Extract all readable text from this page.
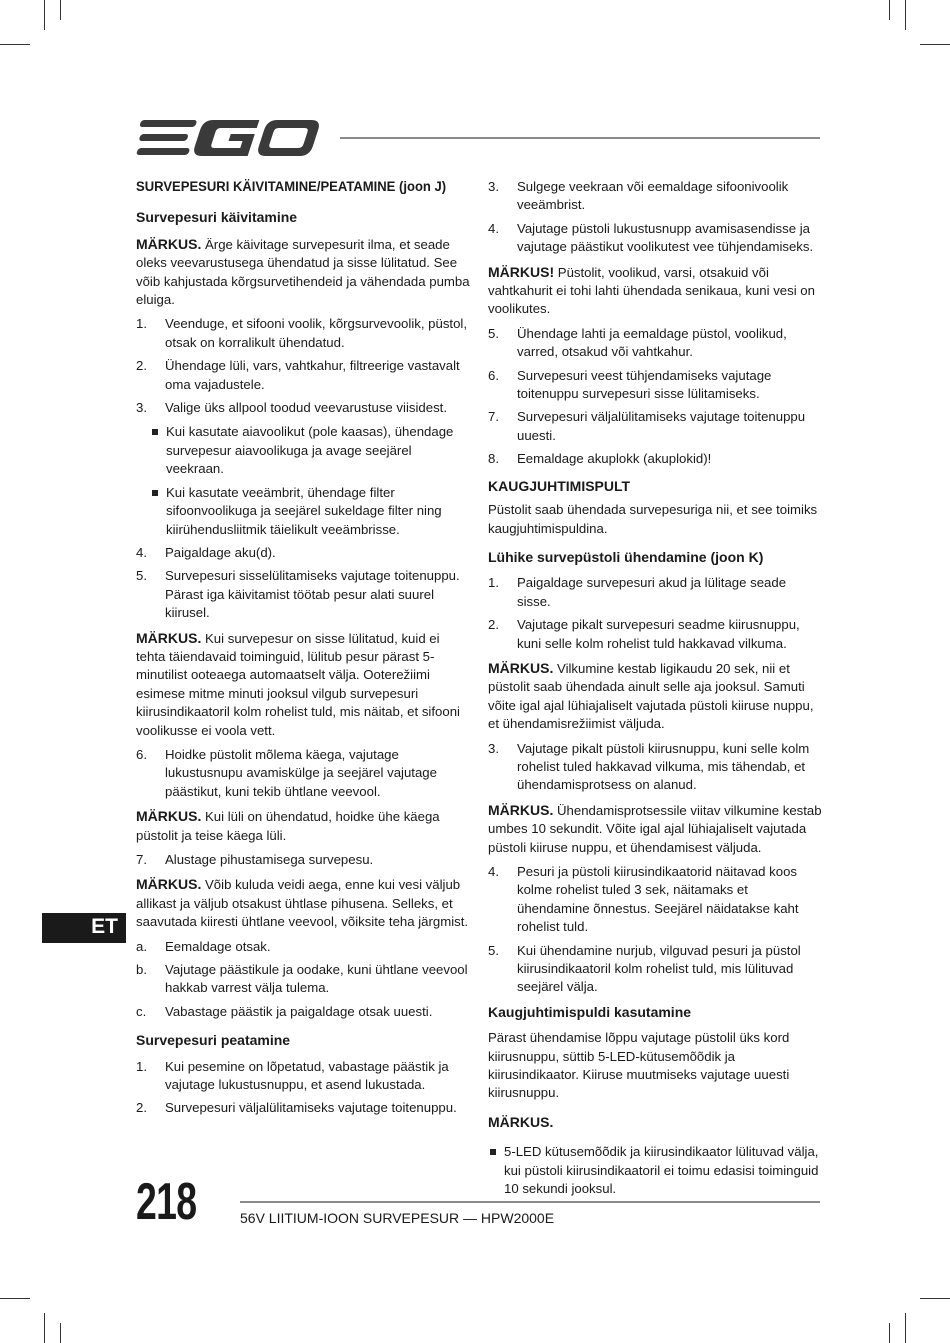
SURVEPESURI KÄIVITAMINE/PEATAMINE (joon J)
Survepesuri käivitamine

MÄRKUS. Ärge käivitage survepesurit ilma, et seade oleks veevarustusega ühendatud ja sisse lülitatud. See võib kahjustada kõrgsurvetihendeid ja vähendada pumba eluiga.

1. Veenduge, et sifooni voolik, kõrgsurvevoolik, püstol, otsak on korralikult ühendatud.
2. Ühendage lüli, vars, vahtkahur, filtreerige vastavalt oma vajadustele.
3. Valige üks allpool toodud veevarustuse viisidest.
Kui kasutate aiavoolikut (pole kaasas), ühendage survepesur aiavoolikuga ja avage seejärel veekraan.
Kui kasutate veeämbrit, ühendage filter sifoonvoolikuga ja seejärel sukeldage filter ning kiirühendusliitmik täielikult veeämbrisse.
4. Paigaldage aku(d).
5. Survepesuri sisselülitamiseks vajutage toitenuppu. Pärast iga käivitamist töötab pesur alati suurel kiirusel.

MÄRKUS. Kui survepesur on sisse lülitatud, kuid ei tehta täiendavaid toiminguid, lülitub pesur pärast 5-minutilist ooteaega automaatselt välja. Ooterežiimi esimese mitme minuti jooksul vilgub survepesuri kiirusindikaatoril kolm rohelist tuld, mis näitab, et sifooni voolikusse ei voola vett.

6. Hoidke püstolit mõlema käega, vajutage lukustusnupu avamiskülge ja seejärel vajutage päästikut, kuni tekib ühtlane veevool.

MÄRKUS. Kui lüli on ühendatud, hoidke ühe käega püstolit ja teise käega lüli.

7. Alustage pihustamisega survepesu.

MÄRKUS. Võib kuluda veidi aega, enne kui vesi väljub allikast ja väljub otsakust ühtlase pihusena. Selleks, et saavutada kiiresti ühtlane veevool, võiksite teha järgmist.

a. Eemaldage otsak.
b. Vajutage päästikule ja oodake, kuni ühtlane veevool hakkab varrest välja tulema.
c. Vabastage päästik ja paigaldage otsak uuesti.
Survepesuri peatamine
1. Kui pesemine on lõpetatud, vabastage päästik ja vajutage lukustusnuppu, et asend lukustada.
2. Survepesuri väljalülitamiseks vajutage toitenuppu.
3. Sulgege veekraan või eemaldage sifoonivoolik veeämbrist.
4. Vajutage püstoli lukustusnupp avamisasendisse ja vajutage päästikut voolikutest vee tühjendamiseks.

MÄRKUS! Püstolit, voolikud, varsi, otsakuid või vahtkahurit ei tohi lahti ühendada senikaua, kuni vesi on voolikutes.

5. Ühendage lahti ja eemaldage püstol, voolikud, varred, otsakud või vahtkahur.
6. Survepesuri veest tühjendamiseks vajutage toitenuppu survepesuri sisse lülitamiseks.
7. Survepesuri väljalülitamiseks vajutage toitenuppu uuesti.
8. Eemaldage akuplokk (akuplokid)!
KAUGJUHTIMISPULT

Püstolit saab ühendada survepesuriga nii, et see toimiks kaugjuhtimispuldina.

Lühike survepüstoli ühendamine (joon K)
1. Paigaldage survepesuri akud ja lülitage seade sisse.
2. Vajutage pikalt survepesuri seadme kiirusnuppu, kuni selle kolm rohelist tuld hakkavad vilkuma.

MÄRKUS. Vilkumine kestab ligikaudu 20 sek, nii et püstolit saab ühendada ainult selle aja jooksul. Samuti võite igal ajal lühiajaliselt vajutada püstoli kiiruse nuppu, et ühendamisrežiimist väljuda.

3. Vajutage pikalt püstoli kiirusnuppu, kuni selle kolm rohelist tuled hakkavad vilkuma, mis tähendab, et ühendamisprotsess on alanud.

MÄRKUS. Ühendamisprotsessile viitav vilkumine kestab umbes 10 sekundit. Võite igal ajal lühiajaliselt vajutada püstoli kiiruse nuppu, et ühendamisest väljuda.

4. Pesuri ja püstoli kiirusindikaatorid näitavad koos kolme rohelist tuled 3 sek, näitamaks et ühendamine õnnestus. Seejärel näidatakse kaht rohelist tuld.
5. Kui ühendamine nurjub, vilguvad pesuri ja püstol kiirusindikaatoril kolm rohelist tuld, mis lülituvad seejärel välja.
Kaugjuhtimispuldi kasutamine

Pärast ühendamise lõppu vajutage püstolil üks kord kiirusnuppu, süttib 5-LED-kütusemõõdik ja kiirusindikaator. Kiiruse muutmiseks vajutage uuesti kiirusnuppu.

MÄRKUS.
5-LED kütusemõõdik ja kiirusindikaator lülituvad välja, kui püstoli kiirusindikaatoril ei toimu edasisi toiminguid 10 sekundi jooksul.
ET
218	56V LIITIUM-IOON SURVEPESUR — HPW2000E
